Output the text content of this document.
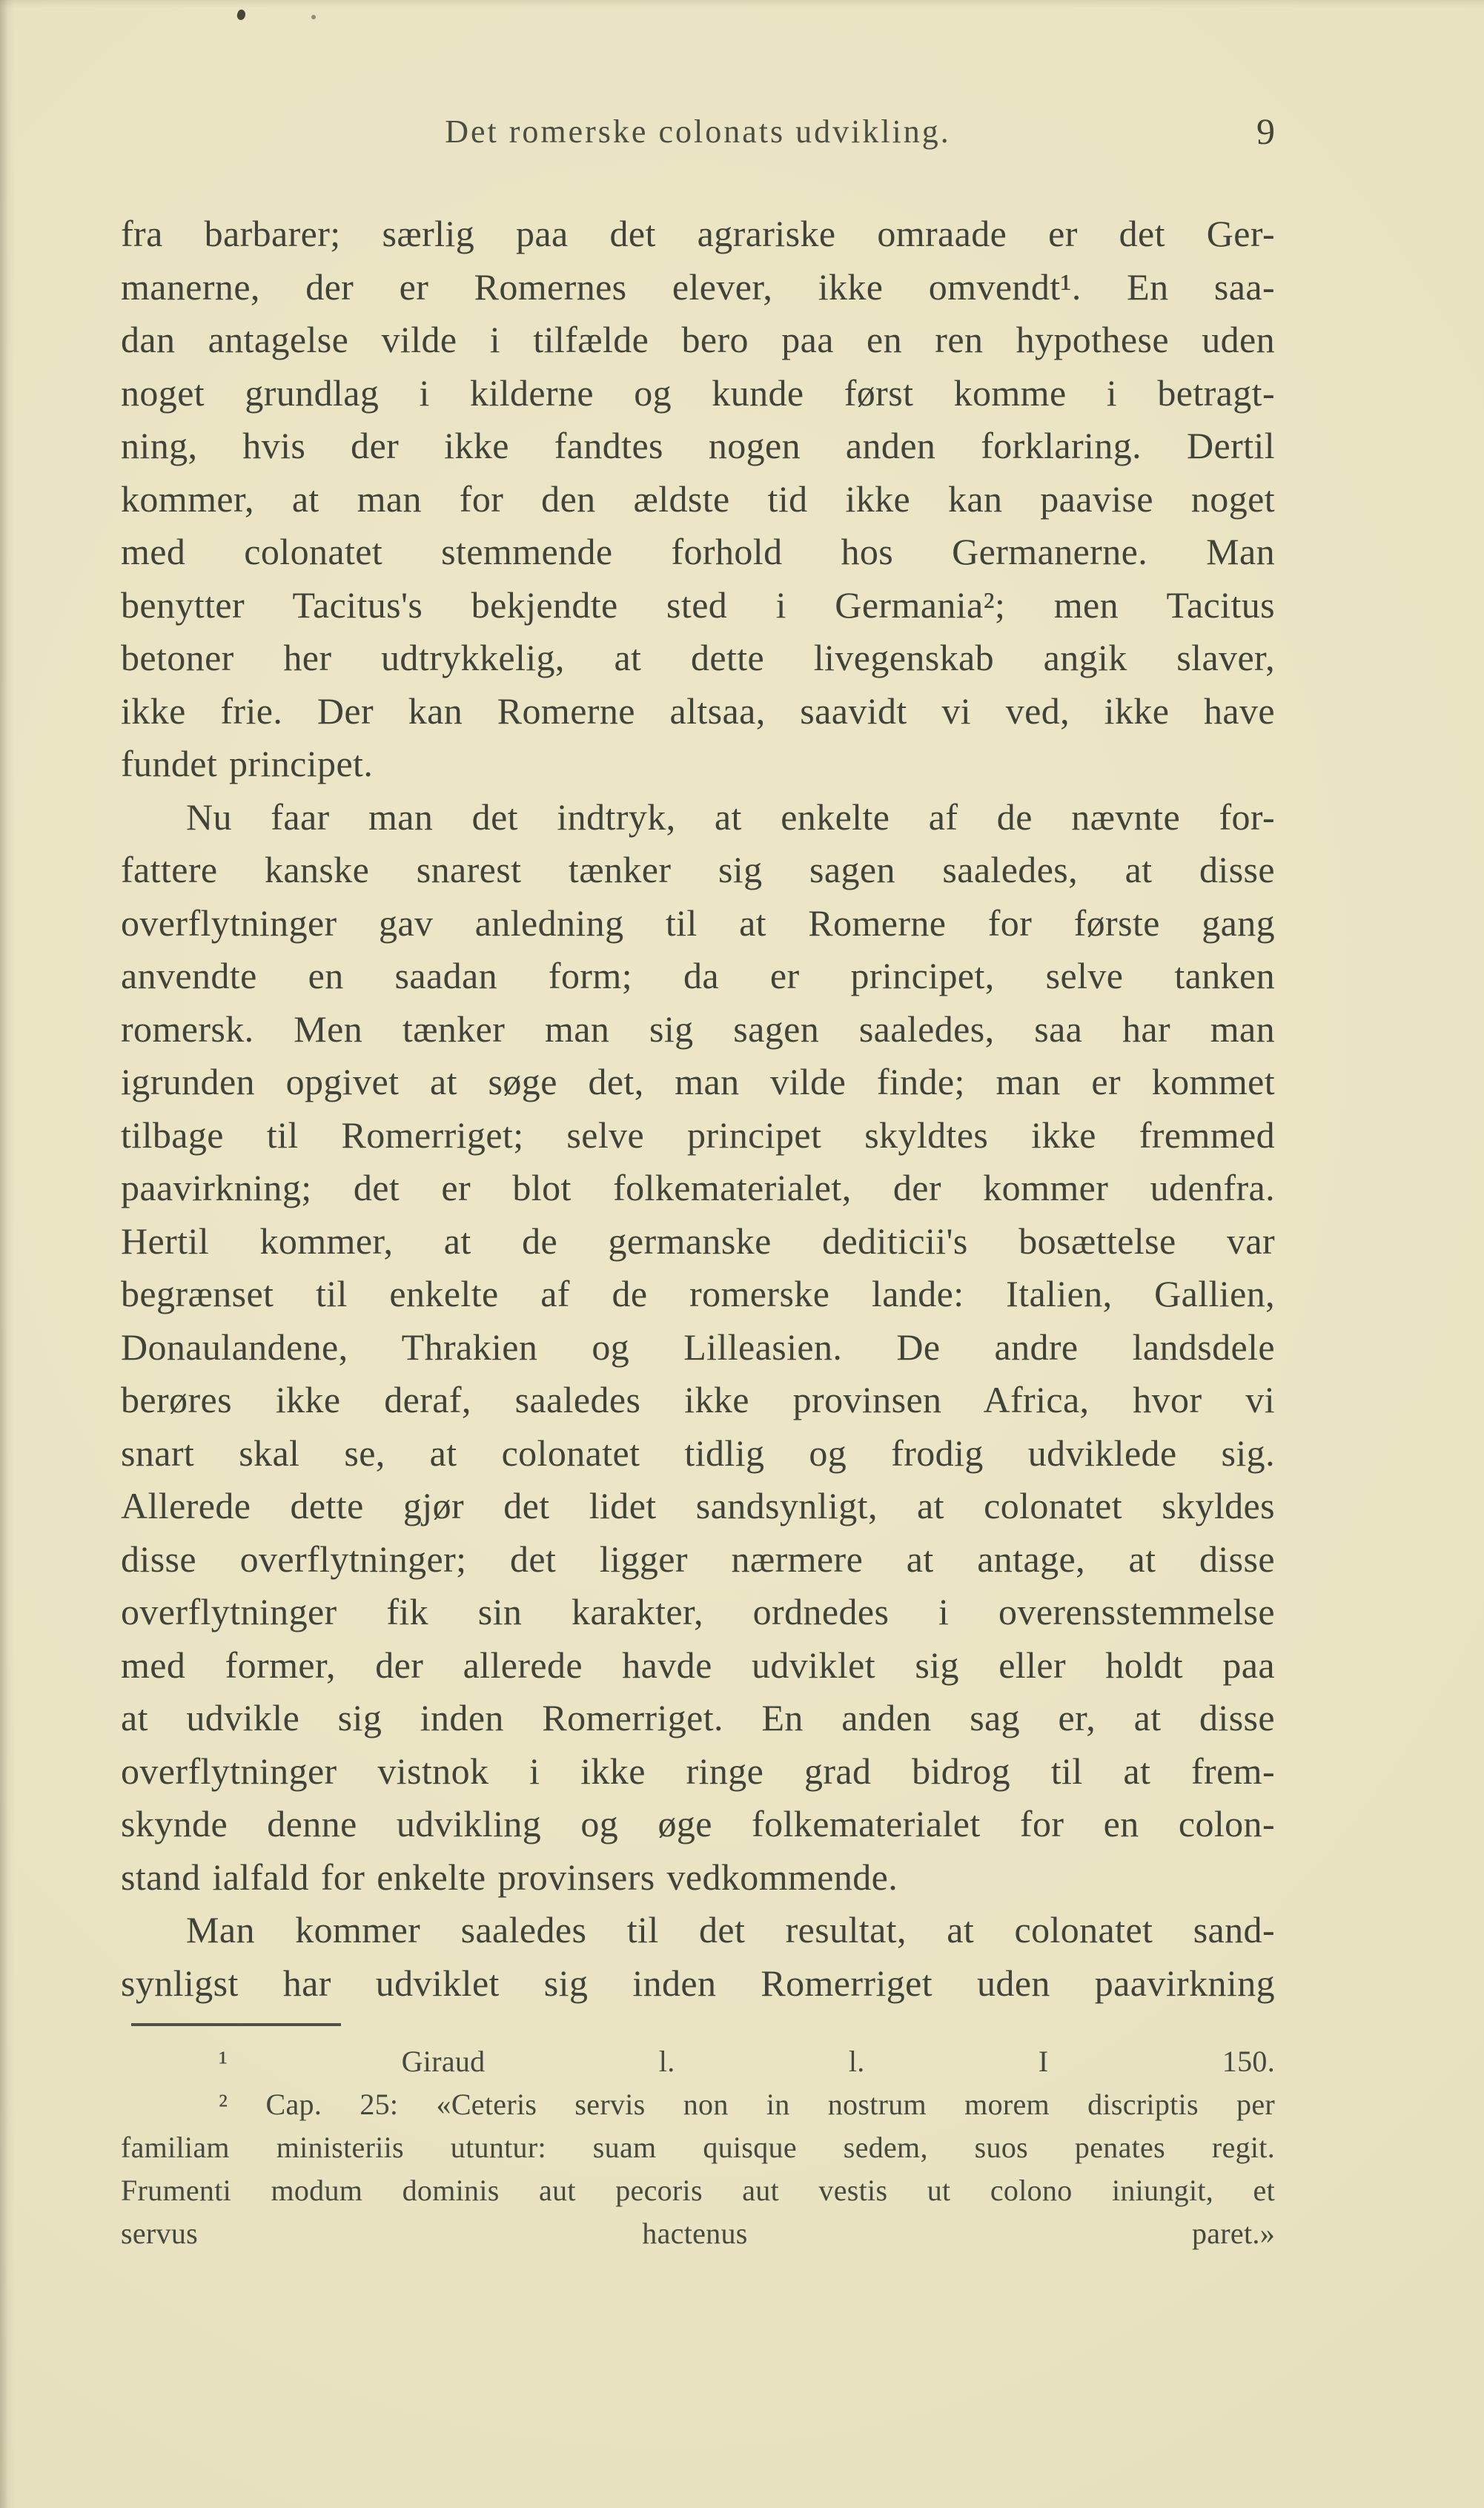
Det romerske colonats udvikling.	9
fra barbarer; særlig paa det agrariske omraade er det Ger-
manerne, der er Romernes elever, ikke omvendt¹. En saa-
dan antagelse vilde i tilfælde bero paa en ren hypothese uden
noget grundlag i kilderne og kunde først komme i betragt-
ning, hvis der ikke fandtes nogen anden forklaring. Dertil
kommer, at man for den ældste tid ikke kan paavise noget
med colonatet stemmende forhold hos Germanerne. Man
benytter Tacitus's bekjendte sted i Germania²; men Tacitus
betoner her udtrykkelig, at dette livegenskab angik slaver,
ikke frie. Der kan Romerne altsaa, saavidt vi ved, ikke have
fundet principet.
Nu faar man det indtryk, at enkelte af de nævnte for-
fattere kanske snarest tænker sig sagen saaledes, at disse
overflytninger gav anledning til at Romerne for første gang
anvendte en saadan form; da er principet, selve tanken
romersk. Men tænker man sig sagen saaledes, saa har man
igrunden opgivet at søge det, man vilde finde; man er kommet
tilbage til Romerriget; selve principet skyldtes ikke fremmed
paavirkning; det er blot folkematerialet, der kommer udenfra.
Hertil kommer, at de germanske dediticii's bosættelse var
begrænset til enkelte af de romerske lande: Italien, Gallien,
Donaulandene, Thrakien og Lilleasien. De andre landsdele
berøres ikke deraf, saaledes ikke provinsen Africa, hvor vi
snart skal se, at colonatet tidlig og frodig udviklede sig.
Allerede dette gjør det lidet sandsynligt, at colonatet skyldes
disse overflytninger; det ligger nærmere at antage, at disse
overflytninger fik sin karakter, ordnedes i overensstemmelse
med former, der allerede havde udviklet sig eller holdt paa
at udvikle sig inden Romerriget. En anden sag er, at disse
overflytninger vistnok i ikke ringe grad bidrog til at frem-
skynde denne udvikling og øge folkematerialet for en colon-
stand ialfald for enkelte provinsers vedkommende.
Man kommer saaledes til det resultat, at colonatet sand-
synligst har udviklet sig inden Romerriget uden paavirkning
¹ Giraud l. l. I 150.
² Cap. 25: «Ceteris servis non in nostrum morem discriptis per
familiam ministeriis utuntur: suam quisque sedem, suos penates regit.
Frumenti modum dominis aut pecoris aut vestis ut colono iniungit, et
servus hactenus paret.»
